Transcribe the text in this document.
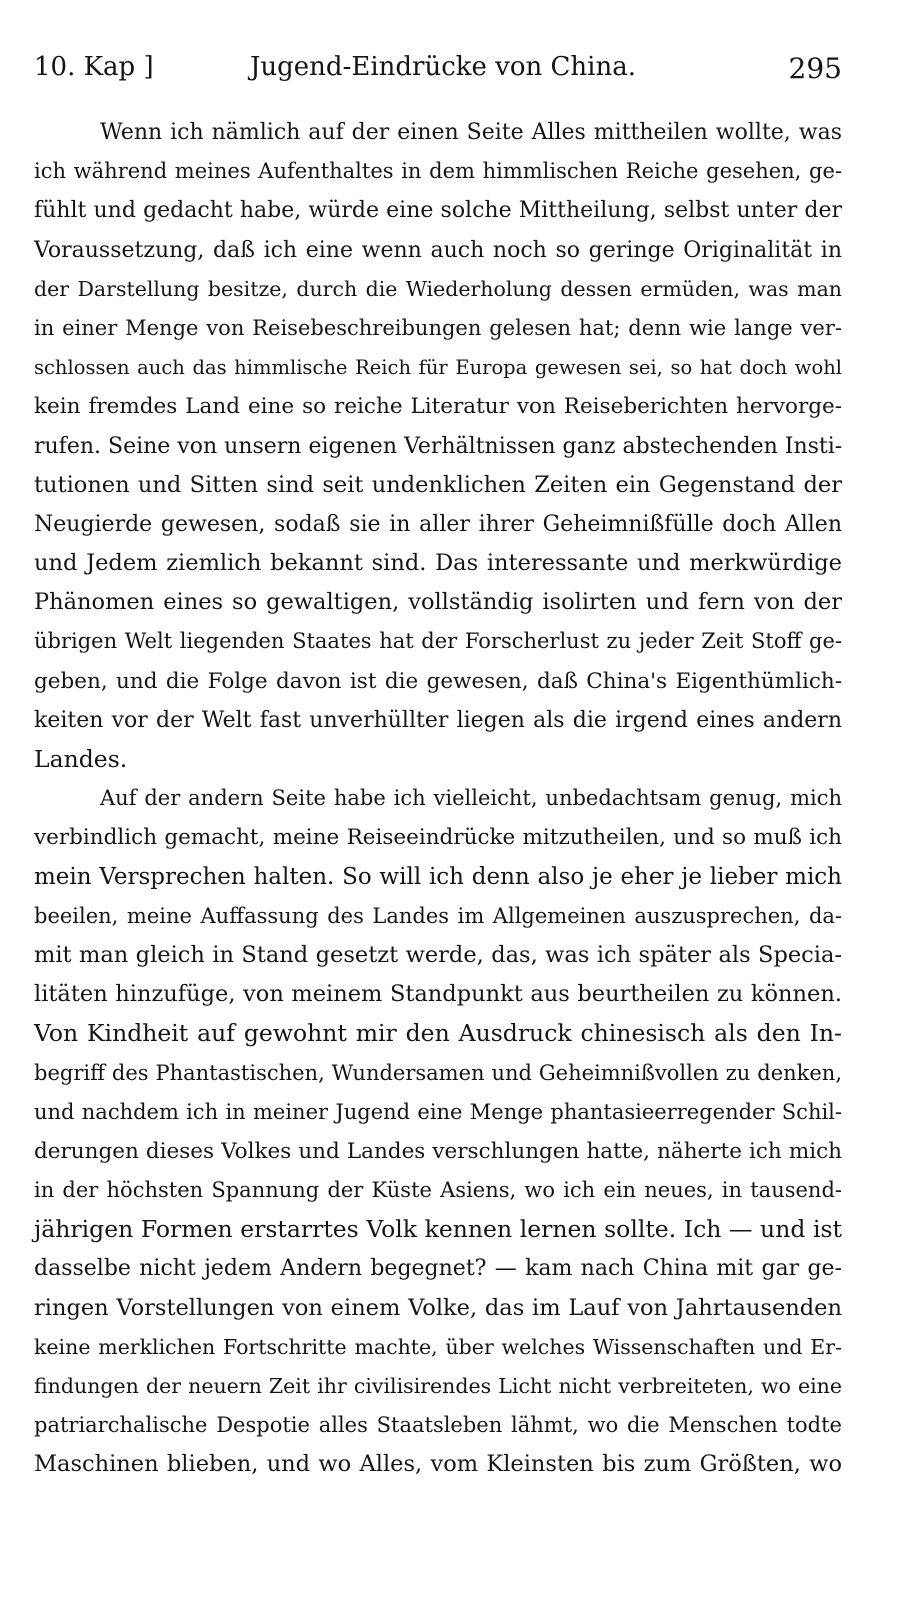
10. Kap ]	Jugend-Eindrücke von China.	295
Wenn ich nämlich auf der einen Seite Alles mittheilen wollte, was
ich während meines Aufenthaltes in dem himmlischen Reiche gesehen, ge-
fühlt und gedacht habe, würde eine solche Mittheilung, selbst unter der
Voraussetzung, daß ich eine wenn auch noch so geringe Originalität in
der Darstellung besitze, durch die Wiederholung dessen ermüden, was man
in einer Menge von Reisebeschreibungen gelesen hat; denn wie lange ver-
schlossen auch das himmlische Reich für Europa gewesen sei, so hat doch wohl
kein fremdes Land eine so reiche Literatur von Reiseberichten hervorge-
rufen. Seine von unsern eigenen Verhältnissen ganz abstechenden Insti-
tutionen und Sitten sind seit undenklichen Zeiten ein Gegenstand der
Neugierde gewesen, sodaß sie in aller ihrer Geheimnißfülle doch Allen
und Jedem ziemlich bekannt sind. Das interessante und merkwürdige
Phänomen eines so gewaltigen, vollständig isolirten und fern von der
übrigen Welt liegenden Staates hat der Forscherlust zu jeder Zeit Stoff ge-
geben, und die Folge davon ist die gewesen, daß China's Eigenthümlich-
keiten vor der Welt fast unverhüllter liegen als die irgend eines andern
Landes.
Auf der andern Seite habe ich vielleicht, unbedachtsam genug, mich
verbindlich gemacht, meine Reiseeindrücke mitzutheilen, und so muß ich
mein Versprechen halten. So will ich denn also je eher je lieber mich
beeilen, meine Auffassung des Landes im Allgemeinen auszusprechen, da-
mit man gleich in Stand gesetzt werde, das, was ich später als Specia-
litäten hinzufüge, von meinem Standpunkt aus beurtheilen zu können.
Von Kindheit auf gewohnt mir den Ausdruck chinesisch als den In-
begriff des Phantastischen, Wundersamen und Geheimnißvollen zu denken,
und nachdem ich in meiner Jugend eine Menge phantasieerregender Schil-
derungen dieses Volkes und Landes verschlungen hatte, näherte ich mich
in der höchsten Spannung der Küste Asiens, wo ich ein neues, in tausend-
jährigen Formen erstarrtes Volk kennen lernen sollte. Ich — und ist
dasselbe nicht jedem Andern begegnet? — kam nach China mit gar ge-
ringen Vorstellungen von einem Volke, das im Lauf von Jahrtausenden
keine merklichen Fortschritte machte, über welches Wissenschaften und Er-
findungen der neuern Zeit ihr civilisirendes Licht nicht verbreiteten, wo eine
patriarchalische Despotie alles Staatsleben lähmt, wo die Menschen todte
Maschinen blieben, und wo Alles, vom Kleinsten bis zum Größten, wo
